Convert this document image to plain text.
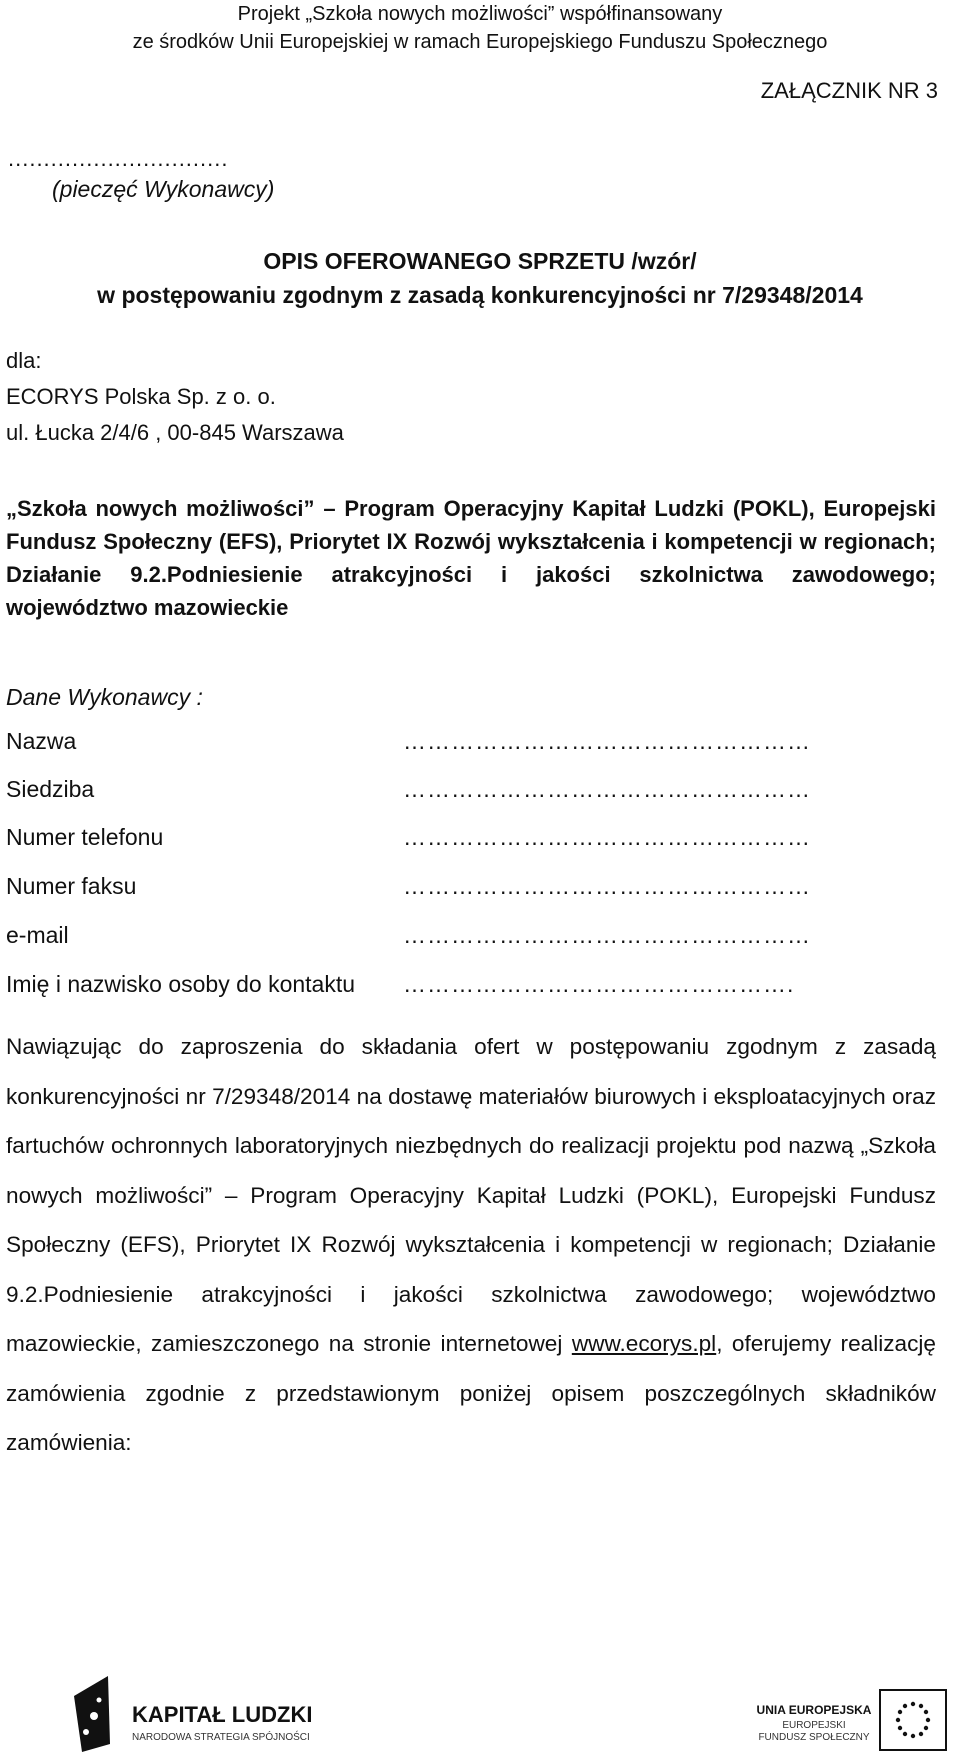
Projekt „Szkoła nowych możliwości” współfinansowany
ze środków Unii Europejskiej w ramach Europejskiego Funduszu Społecznego
ZAŁĄCZNIK NR 3
...............................
(pieczęć Wykonawcy)
OPIS OFEROWANEGO SPRZETU /wzór/
w postępowaniu zgodnym z zasadą konkurencyjności nr 7/29348/2014
dla:
ECORYS Polska Sp. z o. o.
ul. Łucka 2/4/6 , 00-845 Warszawa
„Szkoła nowych możliwości” – Program Operacyjny Kapitał Ludzki (POKL), Europejski Fundusz Społeczny (EFS), Priorytet IX Rozwój wykształcenia i kompetencji w regionach; Działanie 9.2.Podniesienie atrakcyjności i jakości szkolnictwa zawodowego; województwo mazowieckie
Dane Wykonawcy :
Nazwa	……………………………………………
Siedziba	……………………………………………
Numer telefonu	……………………………………………
Numer faksu	……………………………………………
e-mail	……………………………………………
Imię i nazwisko osoby do kontaktu ………………………………………….
Nawiązując do zaproszenia do składania ofert w postępowaniu zgodnym z zasadą konkurencyjności nr 7/29348/2014 na dostawę materiałów biurowych i eksploatacyjnych oraz fartuchów ochronnych laboratoryjnych niezbędnych do realizacji projektu pod nazwą „Szkoła nowych możliwości” – Program Operacyjny Kapitał Ludzki (POKL), Europejski Fundusz Społeczny (EFS), Priorytet IX Rozwój wykształcenia i kompetencji w regionach; Działanie 9.2.Podniesienie atrakcyjności i jakości szkolnictwa zawodowego; województwo mazowieckie, zamieszczonego na stronie internetowej www.ecorys.pl, oferujemy realizację zamówienia zgodnie z przedstawionym poniżej opisem poszczególnych składników zamówienia:
KAPITAŁ LUDZKI
NARODOWA STRATEGIA SPÓJNOŚCI
UNIA EUROPEJSKA
EUROPEJSKI
FUNDUSZ SPOŁECZNY
